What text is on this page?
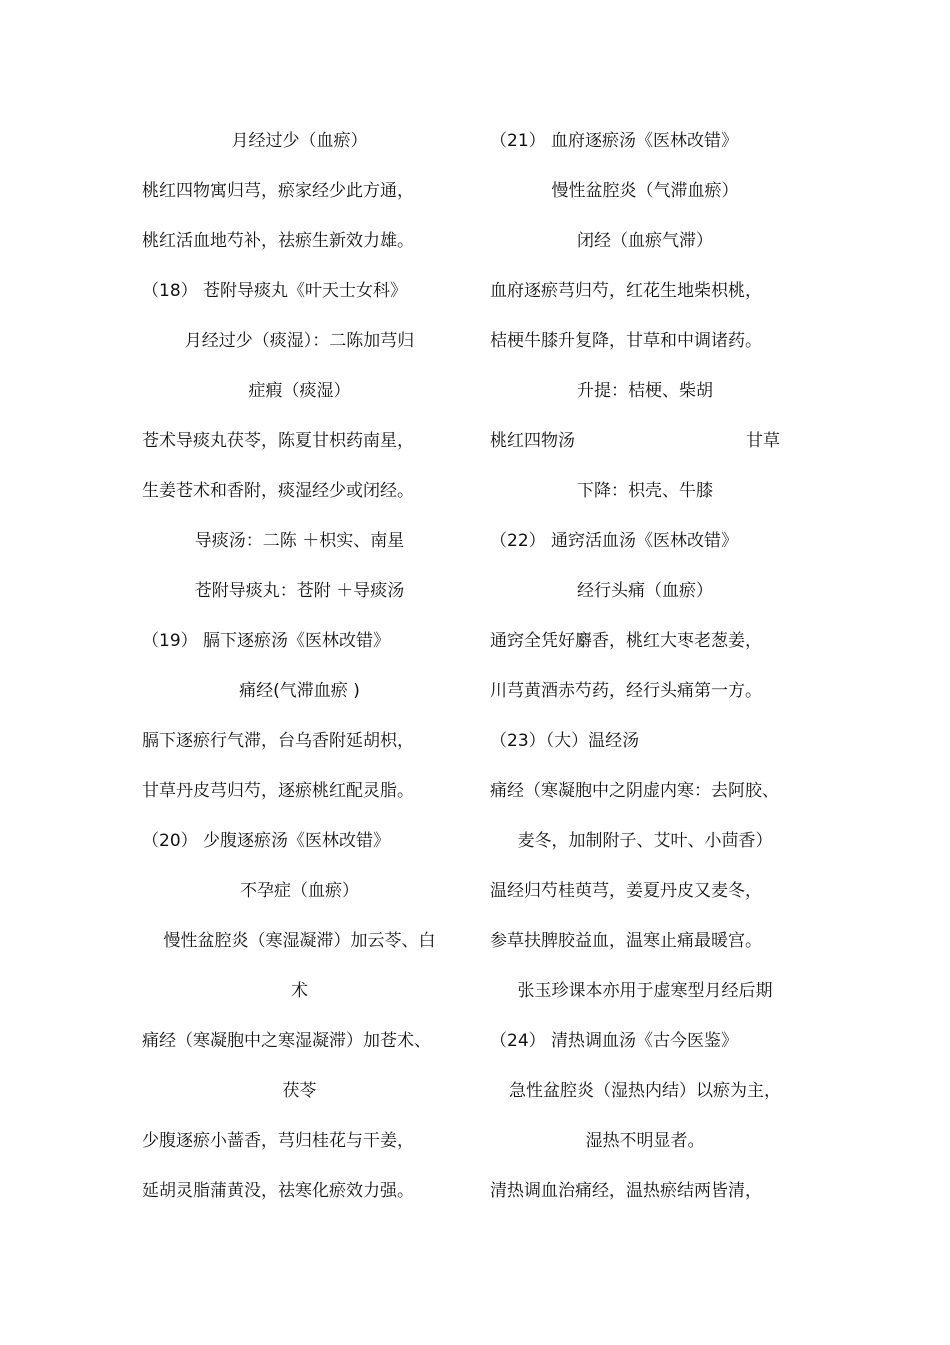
月经过少（血瘀）
桃红四物寓归芎，瘀家经少此方通，
桃红活血地芍补，祛瘀生新效力雄。
（18） 苍附导痰丸《叶天士女科》
月经过少（痰湿）：二陈加芎归
症瘕（痰湿）
苍术导痰丸茯苓，陈夏甘枳药南星，
生姜苍术和香附，痰湿经少或闭经。
导痰汤：二陈 ＋枳实、南星
苍附导痰丸：苍附 ＋导痰汤
（19） 膈下逐瘀汤《医林改错》
痛经(气滞血瘀 )
膈下逐瘀行气滞，台乌香附延胡枳，
甘草丹皮芎归芍，逐瘀桃红配灵脂。
（20） 少腹逐瘀汤《医林改错》
不孕症（血瘀）
慢性盆腔炎（寒湿凝滞）加云苓、白
术
痛经（寒凝胞中之寒湿凝滞）加苍术、
茯苓
少腹逐瘀小蔷香，芎归桂花与干姜，
延胡灵脂蒲黄没，祛寒化瘀效力强。
（21） 血府逐瘀汤《医林改错》
慢性盆腔炎（气滞血瘀）
闭经（血瘀气滞）
血府逐瘀芎归芍，红花生地柴枳桃，
桔梗牛膝升复降，甘草和中调诸药。
升提：桔梗、柴胡
桃红四物汤	甘草
下降：枳壳、牛膝
（22） 通窍活血汤《医林改错》
经行头痛（血瘀）
通窍全凭好麝香，桃红大枣老葱姜，
川芎黄酒赤芍药，经行头痛第一方。
（23）（大）温经汤
痛经（寒凝胞中之阴虚内寒：去阿胶、
麦冬，加制附子、艾叶、小茴香）
温经归芍桂萸芎，姜夏丹皮又麦冬，
参草扶脾胶益血，温寒止痛最暖宫。
张玉珍课本亦用于虚寒型月经后期
（24） 清热调血汤《古今医鉴》
急性盆腔炎（湿热内结）以瘀为主，
湿热不明显者。
清热调血治痛经，温热瘀结两皆清，
